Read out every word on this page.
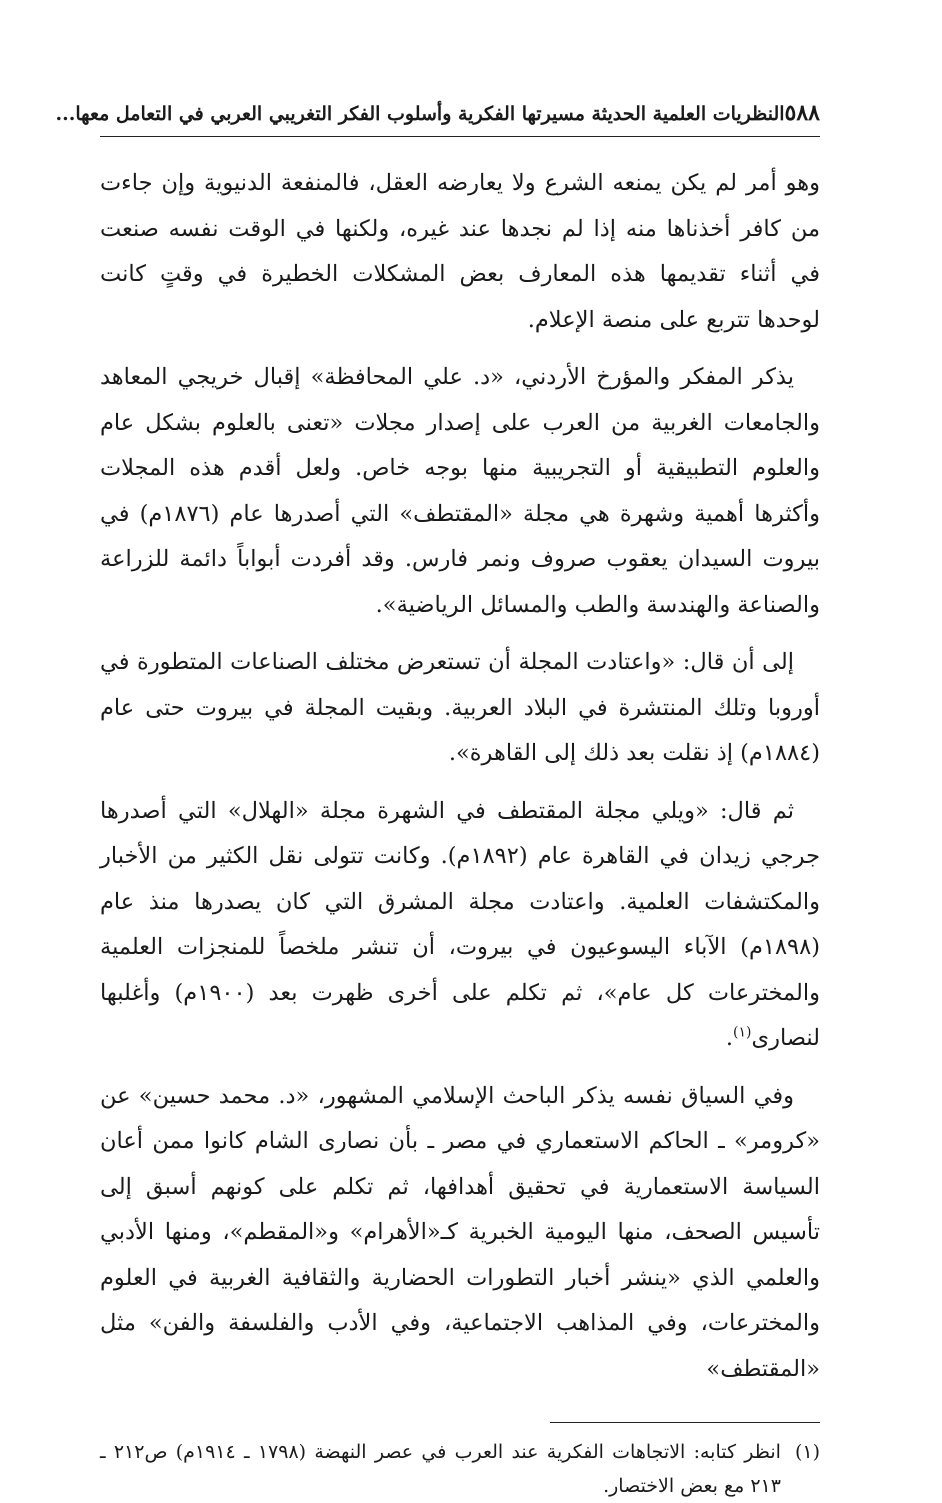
٥٨٨
النظريات العلمية الحديثة مسيرتها الفكرية وأسلوب الفكر التغريبي العربي في التعامل معها...

وهو أمر لم يكن يمنعه الشرع ولا يعارضه العقل، فالمنفعة الدنيوية وإن جاءت من كافر أخذناها منه إذا لم نجدها عند غيره، ولكنها في الوقت نفسه صنعت في أثناء تقديمها هذه المعارف بعض المشكلات الخطيرة في وقتٍ كانت لوحدها تتربع على منصة الإعلام.

يذكر المفكر والمؤرخ الأردني، «د. علي المحافظة» إقبال خريجي المعاهد والجامعات الغربية من العرب على إصدار مجلات «تعنى بالعلوم بشكل عام والعلوم التطبيقية أو التجريبية منها بوجه خاص. ولعل أقدم هذه المجلات وأكثرها أهمية وشهرة هي مجلة «المقتطف» التي أصدرها عام (١٨٧٦م) في بيروت السيدان يعقوب صروف ونمر فارس. وقد أفردت أبواباً دائمة للزراعة والصناعة والهندسة والطب والمسائل الرياضية».

إلى أن قال: «واعتادت المجلة أن تستعرض مختلف الصناعات المتطورة في أوروبا وتلك المنتشرة في البلاد العربية. وبقيت المجلة في بيروت حتى عام (١٨٨٤م) إذ نقلت بعد ذلك إلى القاهرة».

ثم قال: «ويلي مجلة المقتطف في الشهرة مجلة «الهلال» التي أصدرها جرجي زيدان في القاهرة عام (١٨٩٢م). وكانت تتولى نقل الكثير من الأخبار والمكتشفات العلمية. واعتادت مجلة المشرق التي كان يصدرها منذ عام (١٨٩٨م) الآباء اليسوعيون في بيروت، أن تنشر ملخصاً للمنجزات العلمية والمخترعات كل عام»، ثم تكلم على أخرى ظهرت بعد (١٩٠٠م) وأغلبها لنصارى$^{(١)}$.

وفي السياق نفسه يذكر الباحث الإسلامي المشهور، «د. محمد حسين» عن «كرومر» ـ الحاكم الاستعماري في مصر ـ بأن نصارى الشام كانوا ممن أعان السياسة الاستعمارية في تحقيق أهدافها، ثم تكلم على كونهم أسبق إلى تأسيس الصحف، منها اليومية الخبرية كـ«الأهرام» و«المقطم»، ومنها الأدبي والعلمي الذي «ينشر أخبار التطورات الحضارية والثقافية الغربية في العلوم والمخترعات، وفي المذاهب الاجتماعية، وفي الأدب والفلسفة والفن» مثل «المقتطف»

(١)
انظر كتابه: الاتجاهات الفكرية عند العرب في عصر النهضة (١٧٩٨ ـ ١٩١٤م) ص٢١٢ ـ ٢١٣ مع بعض الاختصار.
